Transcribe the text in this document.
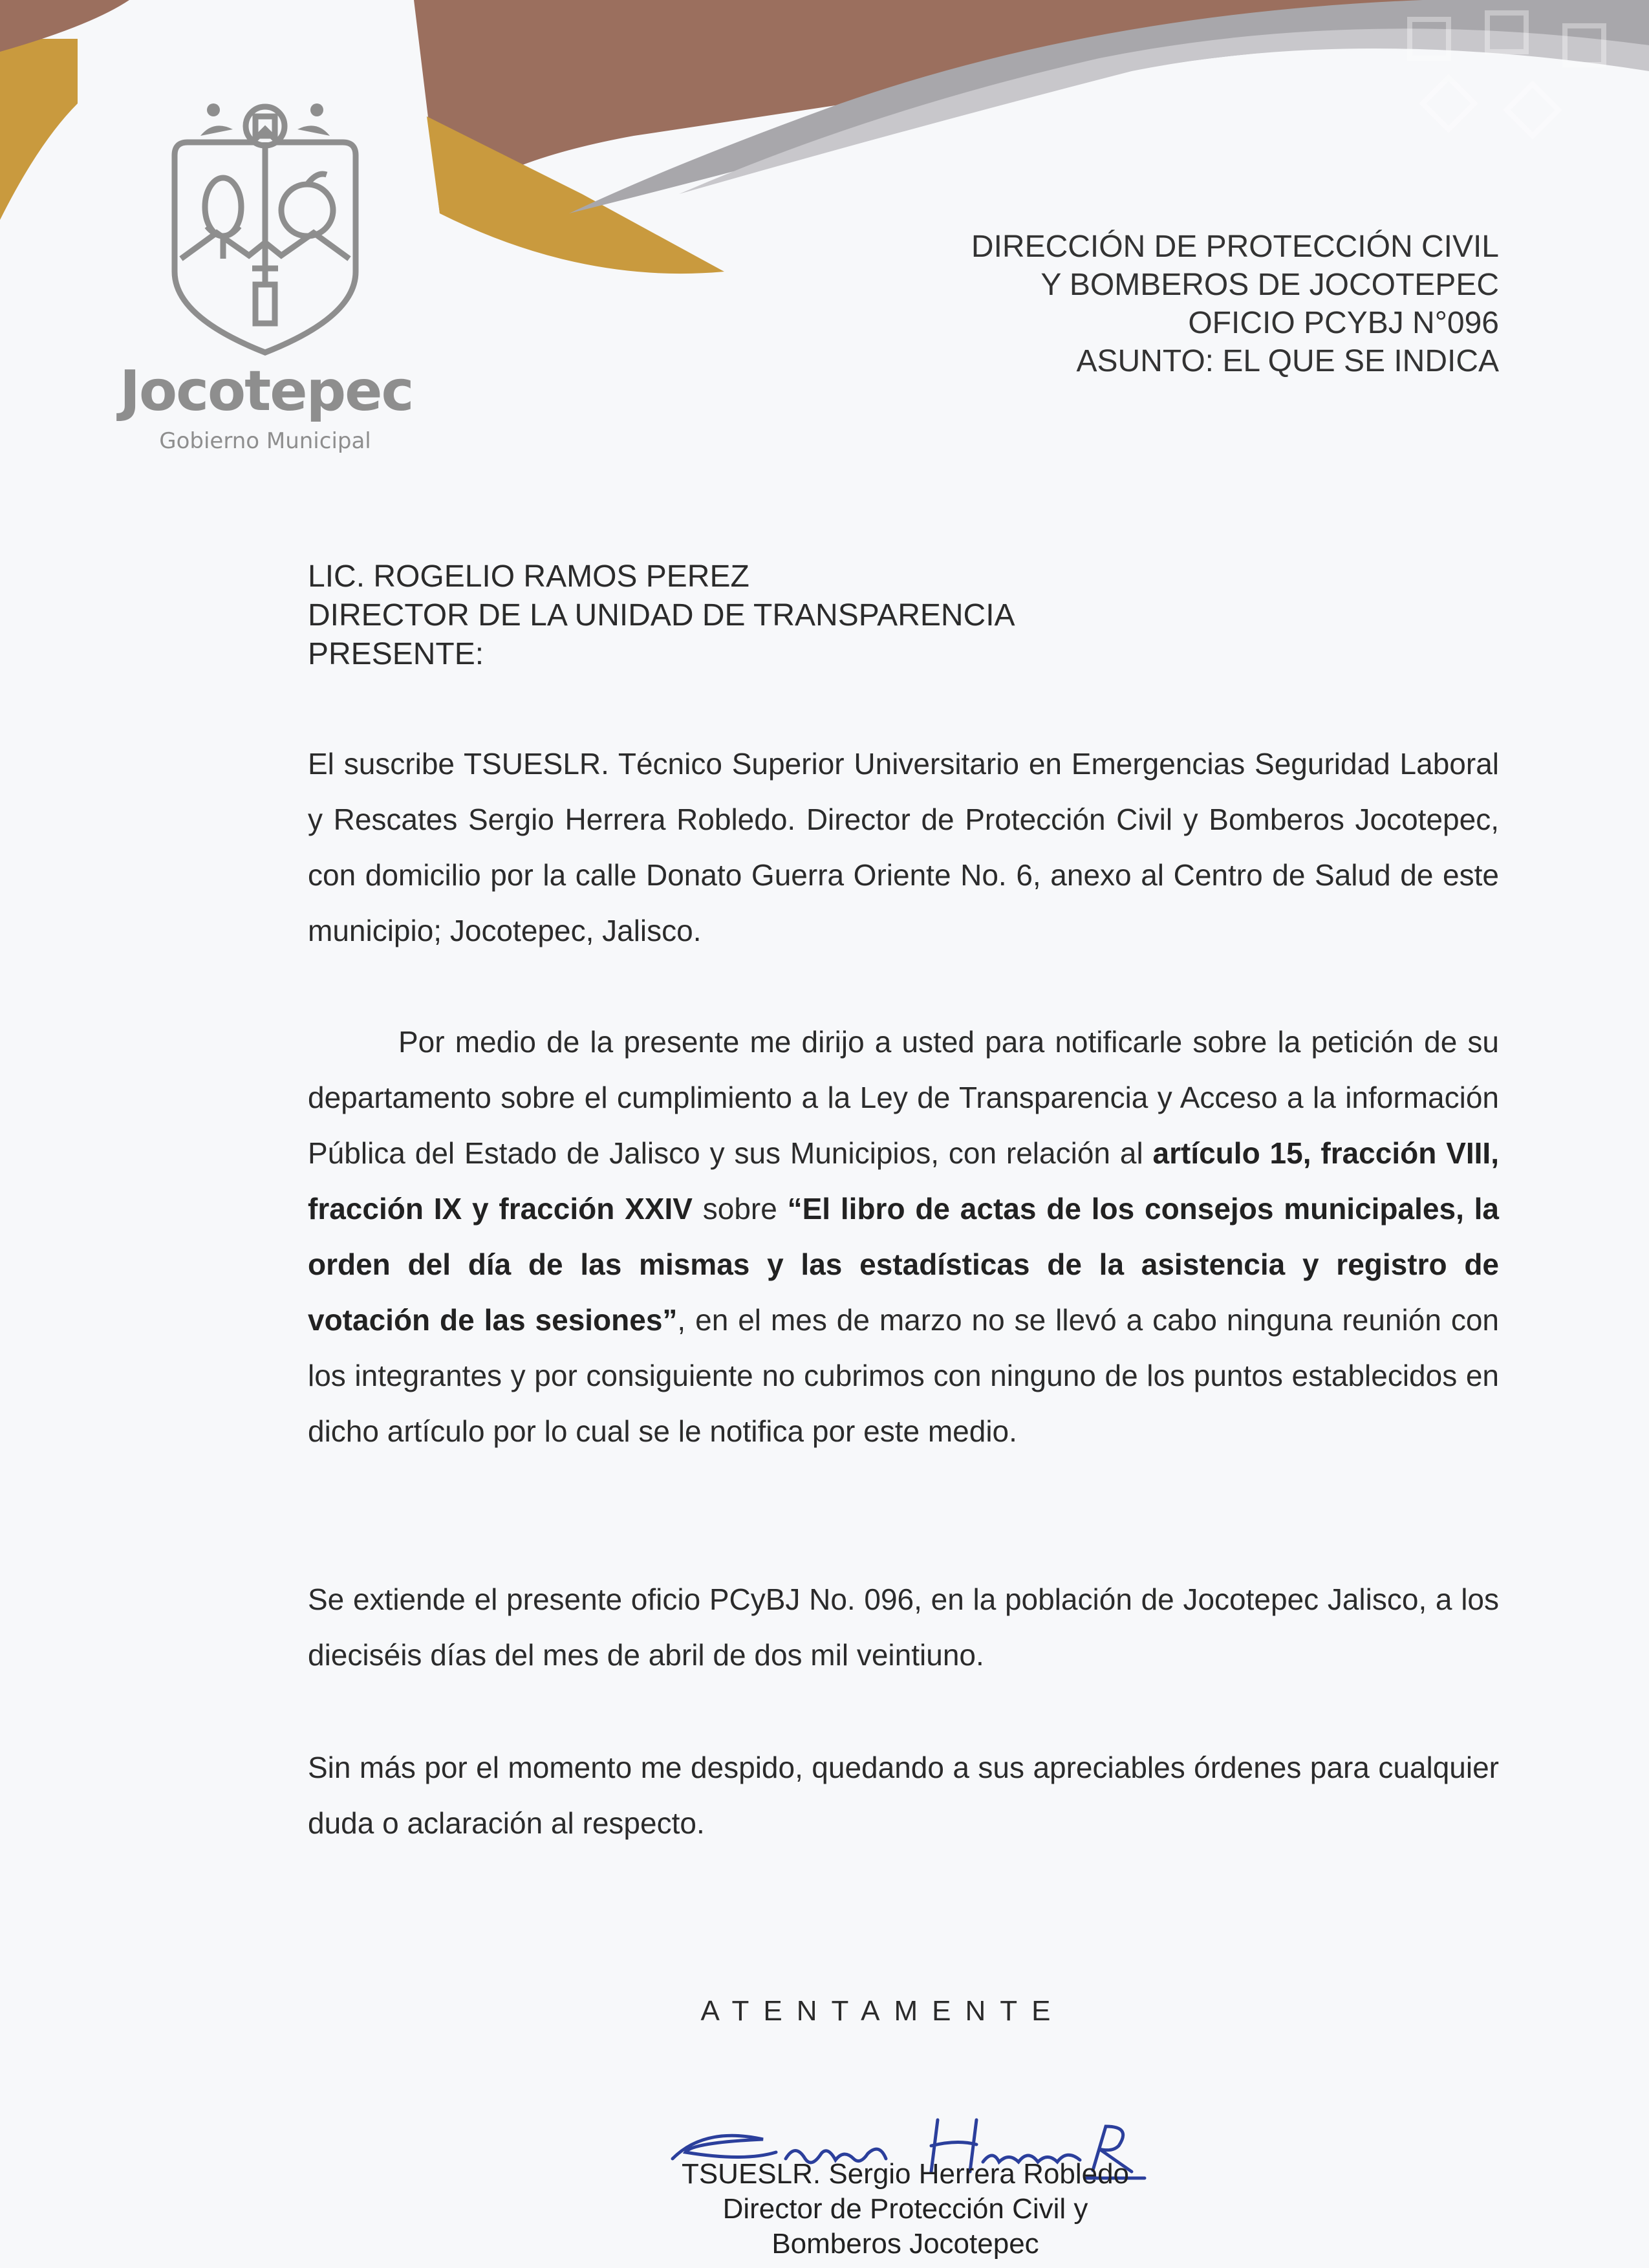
Jocotepec
Gobierno Municipal
DIRECCIÓN DE PROTECCIÓN CIVIL
Y BOMBEROS DE JOCOTEPEC
OFICIO PCYBJ N°096
ASUNTO: EL QUE SE INDICA
LIC. ROGELIO RAMOS PEREZ
DIRECTOR DE LA UNIDAD DE TRANSPARENCIA
PRESENTE:

El suscribe TSUESLR. Técnico Superior Universitario en Emergencias Seguridad Laboral y Rescates Sergio Herrera Robledo. Director de Protección Civil y Bomberos Jocotepec, con domicilio por la calle Donato Guerra Oriente No. 6, anexo al Centro de Salud de este municipio; Jocotepec, Jalisco.

Por medio de la presente me dirijo a usted para notificarle sobre la petición de su departamento sobre el cumplimiento a la Ley de Transparencia y Acceso a la información Pública del Estado de Jalisco y sus Municipios, con relación al artículo 15, fracción VIII, fracción IX y fracción XXIV sobre “El libro de actas de los consejos municipales, la orden del día de las mismas y las estadísticas de la asistencia y registro de votación de las sesiones”, en el mes de marzo no se llevó a cabo ninguna reunión con los integrantes y por consiguiente no cubrimos con ninguno de los puntos establecidos en dicho artículo por lo cual se le notifica por este medio.

Se extiende el presente oficio PCyBJ No. 096, en la población de Jocotepec Jalisco, a los dieciséis días del mes de abril de dos mil veintiuno.

Sin más por el momento me despido, quedando a sus apreciables órdenes para cualquier duda o aclaración al respecto.

ATENTAMENTE
TSUESLR. Sergio Herrera Robledo
Director de Protección Civil y
Bomberos Jocotepec
